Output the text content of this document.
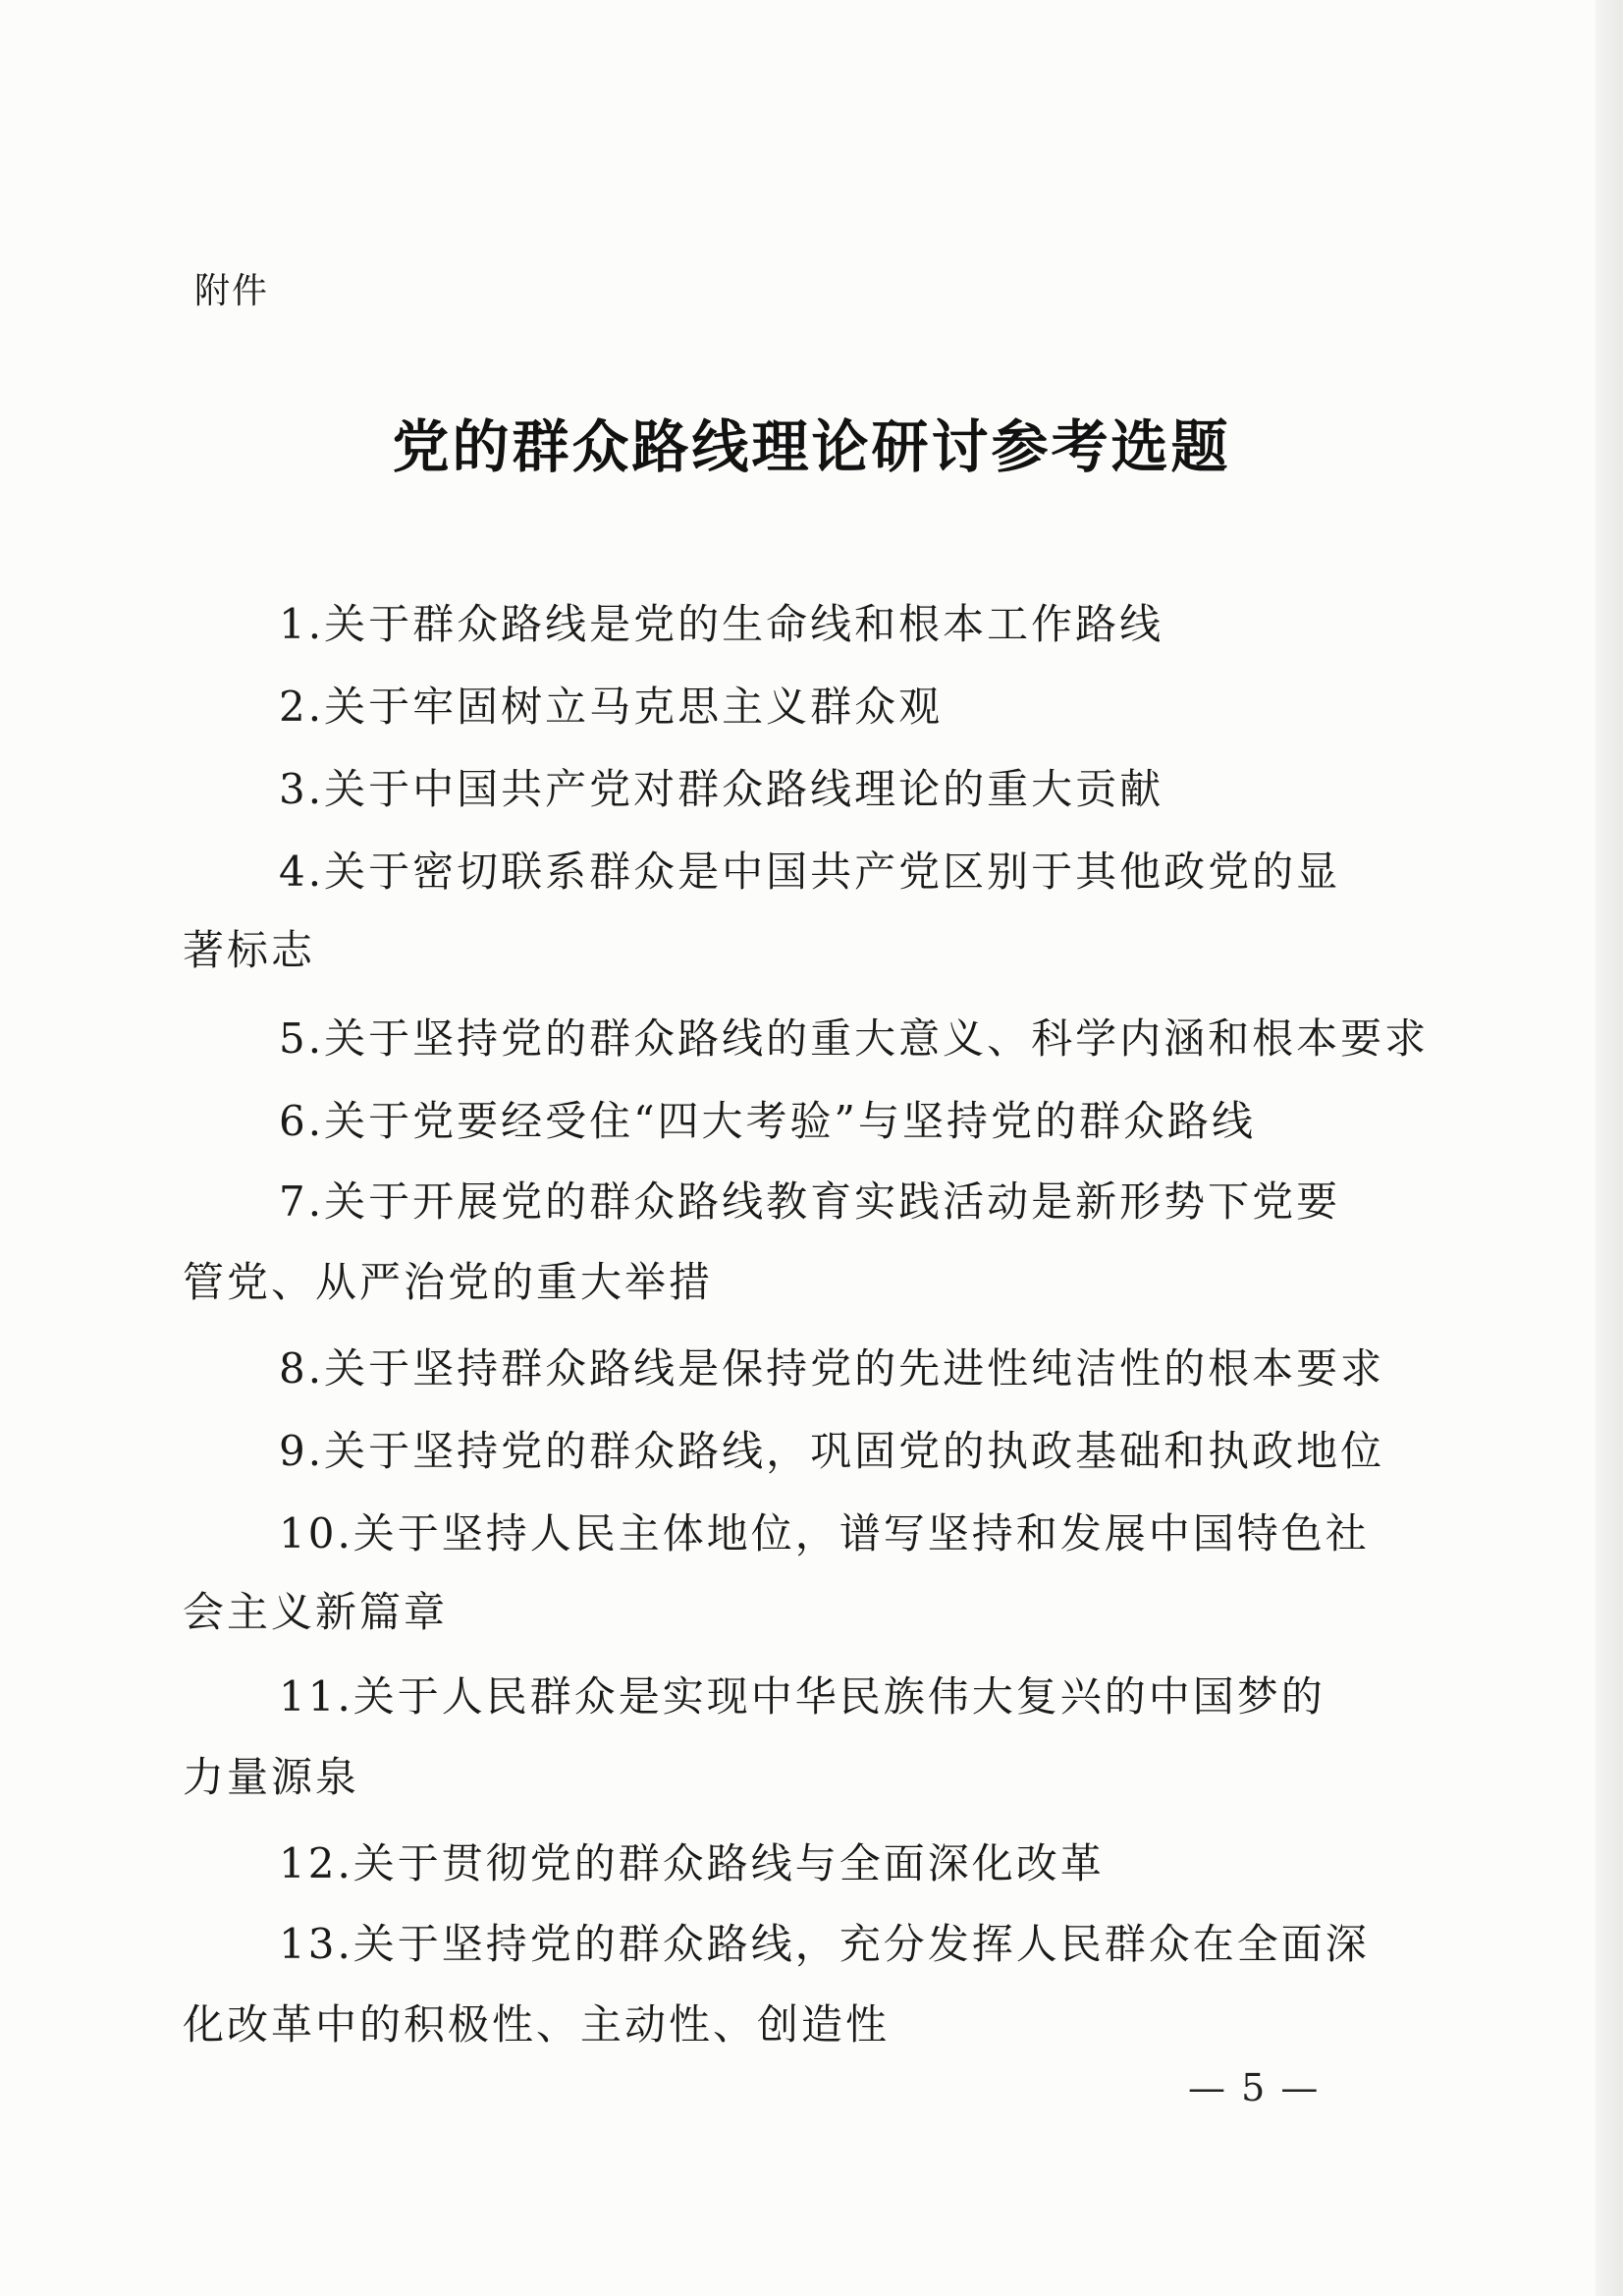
附件
党的群众路线理论研讨参考选题
1.关于群众路线是党的生命线和根本工作路线
2.关于牢固树立马克思主义群众观
3.关于中国共产党对群众路线理论的重大贡献
4.关于密切联系群众是中国共产党区别于其他政党的显
著标志
5.关于坚持党的群众路线的重大意义、科学内涵和根本要求
6.关于党要经受住“四大考验”与坚持党的群众路线
7.关于开展党的群众路线教育实践活动是新形势下党要
管党、从严治党的重大举措
8.关于坚持群众路线是保持党的先进性纯洁性的根本要求
9.关于坚持党的群众路线，巩固党的执政基础和执政地位
10.关于坚持人民主体地位，谱写坚持和发展中国特色社
会主义新篇章
11.关于人民群众是实现中华民族伟大复兴的中国梦的
力量源泉
12.关于贯彻党的群众路线与全面深化改革
13.关于坚持党的群众路线，充分发挥人民群众在全面深
化改革中的积极性、主动性、创造性
— 5 —
